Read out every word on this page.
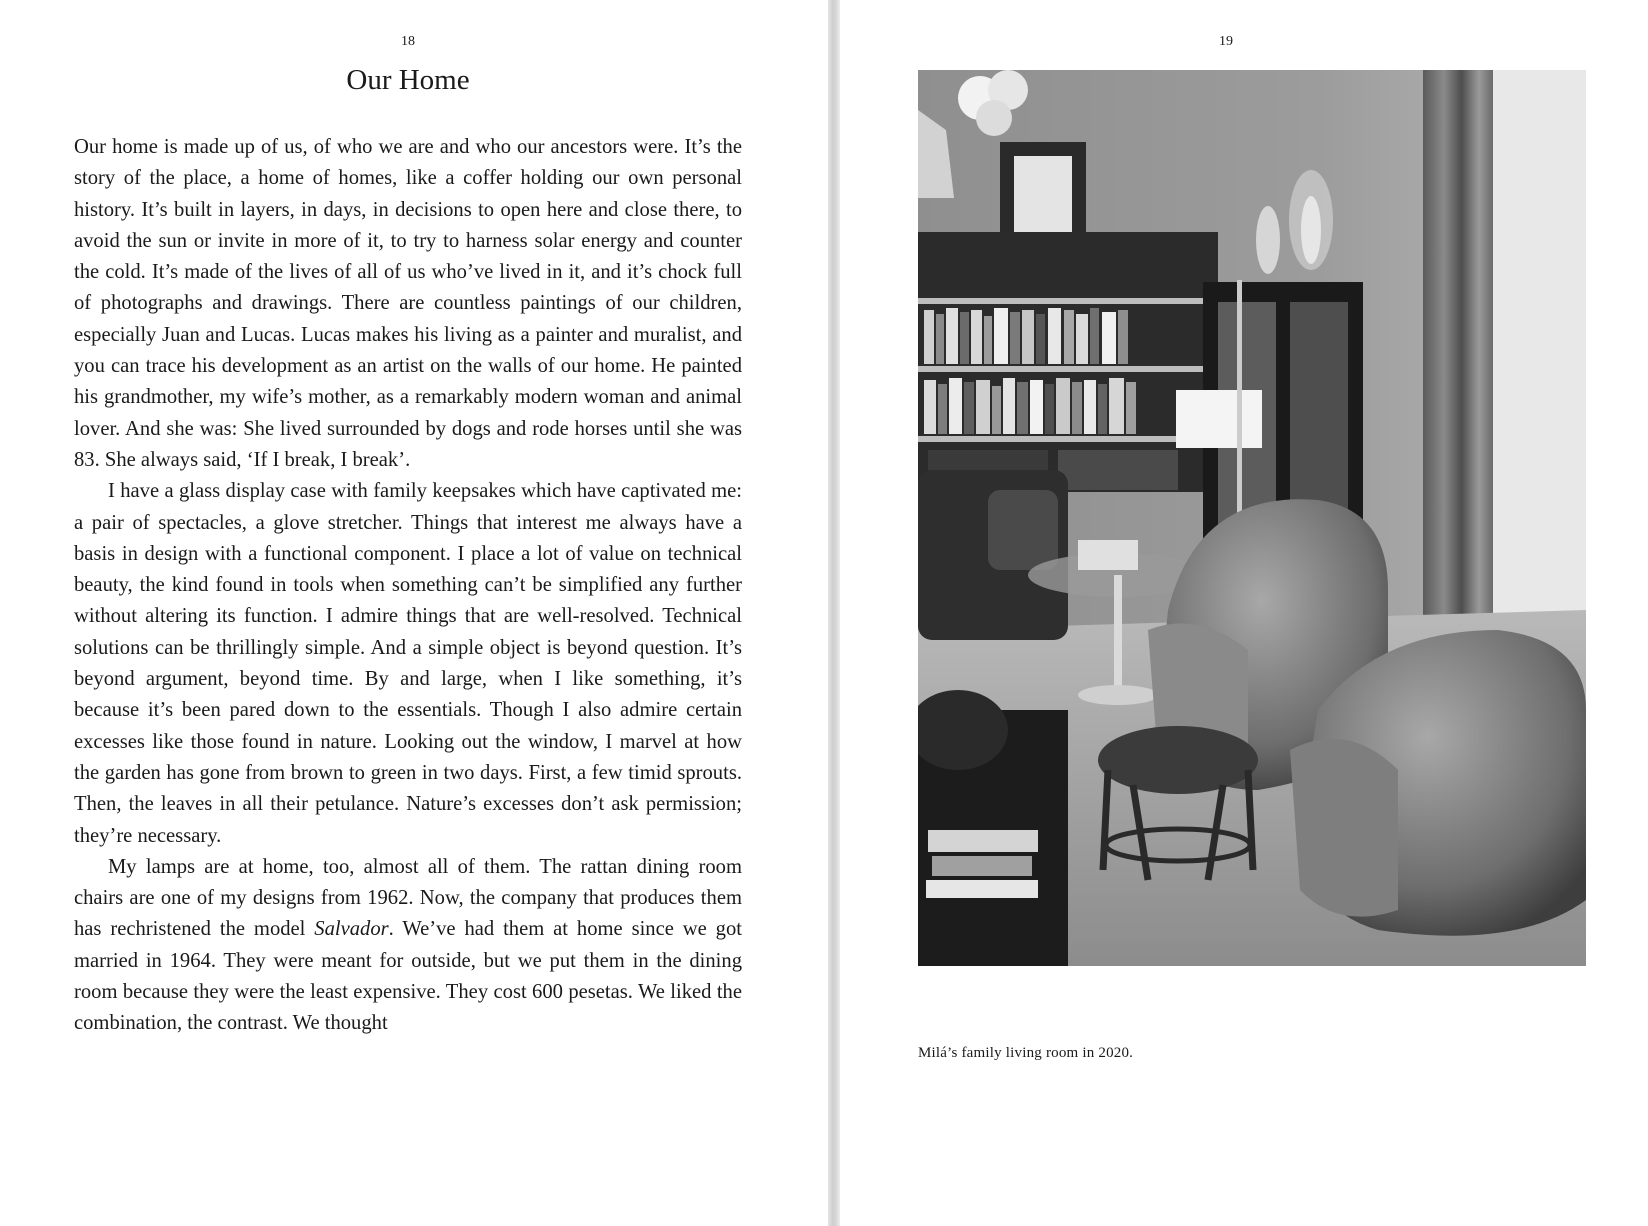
18
Our Home

Our home is made up of us, of who we are and who our ancestors were. It’s the story of the place, a home of homes, like a coffer holding our own personal history. It’s built in layers, in days, in decisions to open here and close there, to avoid the sun or invite in more of it, to try to harness solar energy and counter the cold. It’s made of the lives of all of us who’ve lived in it, and it’s chock full of photographs and drawings. There are countless paintings of our children, especially Juan and Lucas. Lucas makes his living as a painter and muralist, and you can trace his development as an artist on the walls of our home. He painted his grandmother, my wife’s mother, as a remarkably modern woman and animal lover. And she was: She lived surrounded by dogs and rode horses until she was 83. She always said, ‘If I break, I break’.

I have a glass display case with family keepsakes which have captivated me: a pair of spectacles, a glove stretcher. Things that interest me always have a basis in design with a functional component. I place a lot of value on technical beauty, the kind found in tools when something can’t be simplified any further without altering its function. I admire things that are well-resolved. Technical solutions can be thrillingly simple. And a simple object is beyond question. It’s beyond argument, beyond time. By and large, when I like something, it’s because it’s been pared down to the essentials. Though I also admire certain excesses like those found in nature. Looking out the window, I marvel at how the garden has gone from brown to green in two days. First, a few timid sprouts. Then, the leaves in all their petulance. Nature’s excesses don’t ask permission; they’re necessary.

My lamps are at home, too, almost all of them. The rattan dining room chairs are one of my designs from 1962. Now, the company that produces them has rechristened the model Salvador. We’ve had them at home since we got married in 1964. They were meant for outside, but we put them in the dining room because they were the least expensive. They cost 600 pesetas. We liked the combination, the contrast. We thought

19
Milá’s family living room in 2020.
